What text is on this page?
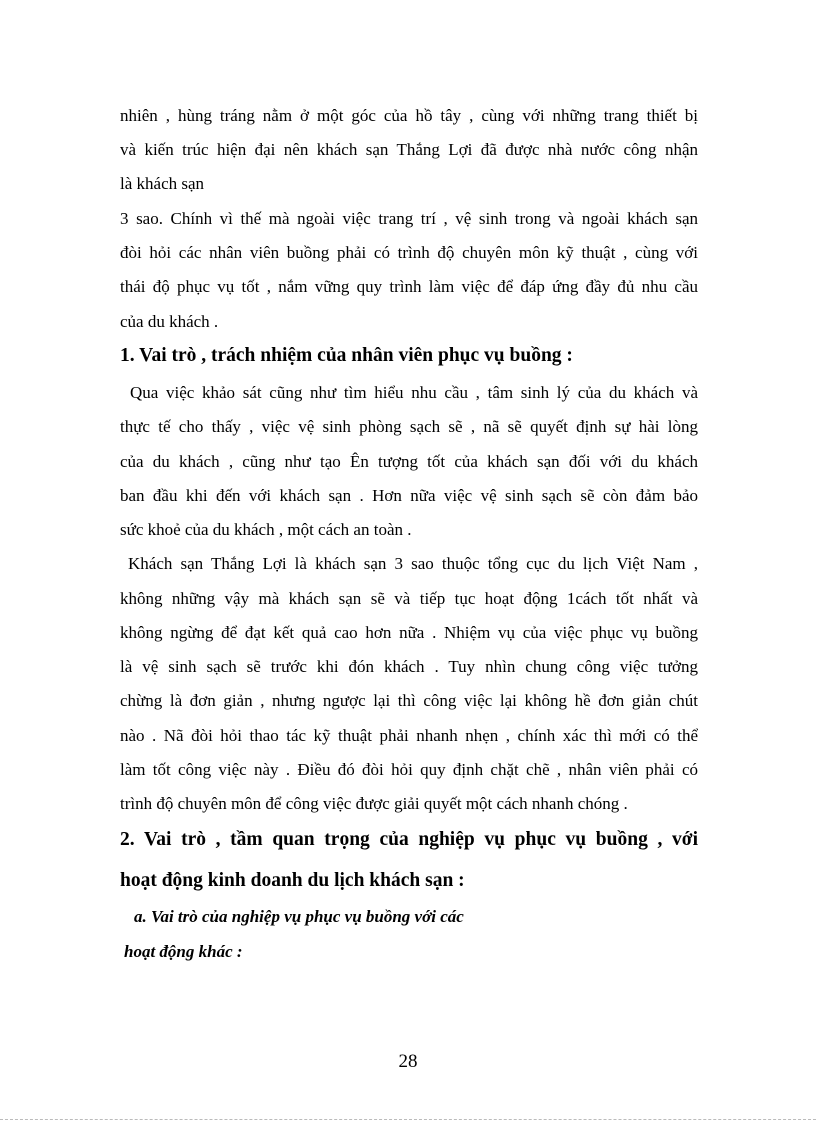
nhiên , hùng tráng nằm ở một góc của hồ tây , cùng với những trang thiết bị
và kiến trúc hiện đại nên khách sạn Thắng Lợi đã được nhà nước công nhận
là khách sạn
3 sao. Chính vì thế mà ngoài việc trang trí , vệ sinh trong và ngoài khách sạn
đòi hỏi các nhân viên buồng phải có trình độ chuyên môn kỹ thuật , cùng với
thái độ phục vụ tốt , nắm vững quy trình làm việc để đáp ứng đầy đủ nhu cầu
của du khách .
1. Vai trò , trách nhiệm của nhân viên phục vụ buồng :
Qua việc khảo sát cũng như tìm hiểu nhu cầu , tâm sinh lý của du khách và
thực tế cho thấy , việc vệ sinh phòng sạch sẽ , nã sẽ quyết định sự hài lòng
của du khách , cũng như tạo Ên tượng tốt của khách sạn đối với du khách
ban đầu khi đến với khách sạn . Hơn nữa việc vệ sinh sạch sẽ còn đảm bảo
sức khoẻ của du khách , một cách an toàn .
Khách sạn Thắng Lợi là khách sạn 3 sao thuộc tổng cục du lịch Việt Nam ,
không những vậy mà khách sạn sẽ và tiếp tục hoạt động 1cách tốt nhất và
không ngừng để đạt kết quả cao hơn nữa . Nhiệm vụ của việc phục vụ buồng
là vệ sinh sạch sẽ trước khi đón khách . Tuy nhìn chung công việc tưởng
chừng là đơn giản , nhưng ngược lại thì công việc lại không hề đơn giản chút
nào . Nã đòi hỏi thao tác kỹ thuật phải nhanh nhẹn , chính xác thì mới có thể
làm tốt công việc này . Điều đó đòi hỏi quy định chặt chẽ , nhân viên phải có
trình độ chuyên môn để công việc được giải quyết một cách nhanh chóng .
2. Vai trò , tầm quan trọng của nghiệp vụ phục vụ buồng , với
hoạt động kinh doanh du lịch khách sạn :
a. Vai trò của nghiệp vụ phục vụ buồng với các
hoạt động khác :
28
